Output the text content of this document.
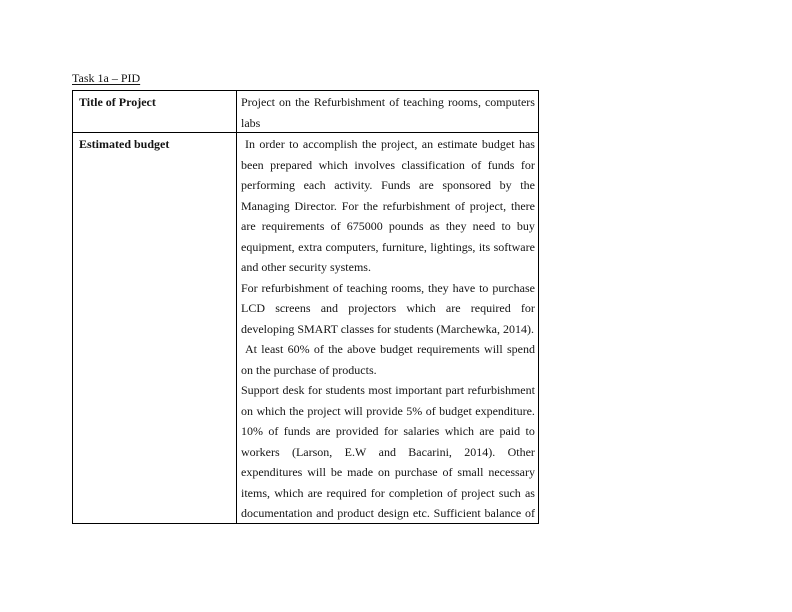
Task 1a – PID
Title of Project	Project on the Refurbishment of teaching rooms, computers
labs
Estimated budget	In order to accomplish the project, an estimate budget has
been prepared which involves classification of funds for
performing each activity. Funds are sponsored by the
Managing Director. For the refurbishment of project, there
are requirements of 675000 pounds as they need to buy
equipment, extra computers, furniture, lightings, its software
and other security systems.
For refurbishment of teaching rooms, they have to purchase
LCD screens and projectors which are required for
developing SMART classes for students (Marchewka, 2014).
At least 60% of the above budget requirements will spend
on the purchase of products.
Support desk for students most important part refurbishment
on which the project will provide 5% of budget expenditure.
10% of funds are provided for salaries which are paid to
workers (Larson, E.W and Bacarini, 2014). Other
expenditures will be made on purchase of small necessary
items, which are required for completion of project such as
documentation and product design etc. Sufficient balance of
